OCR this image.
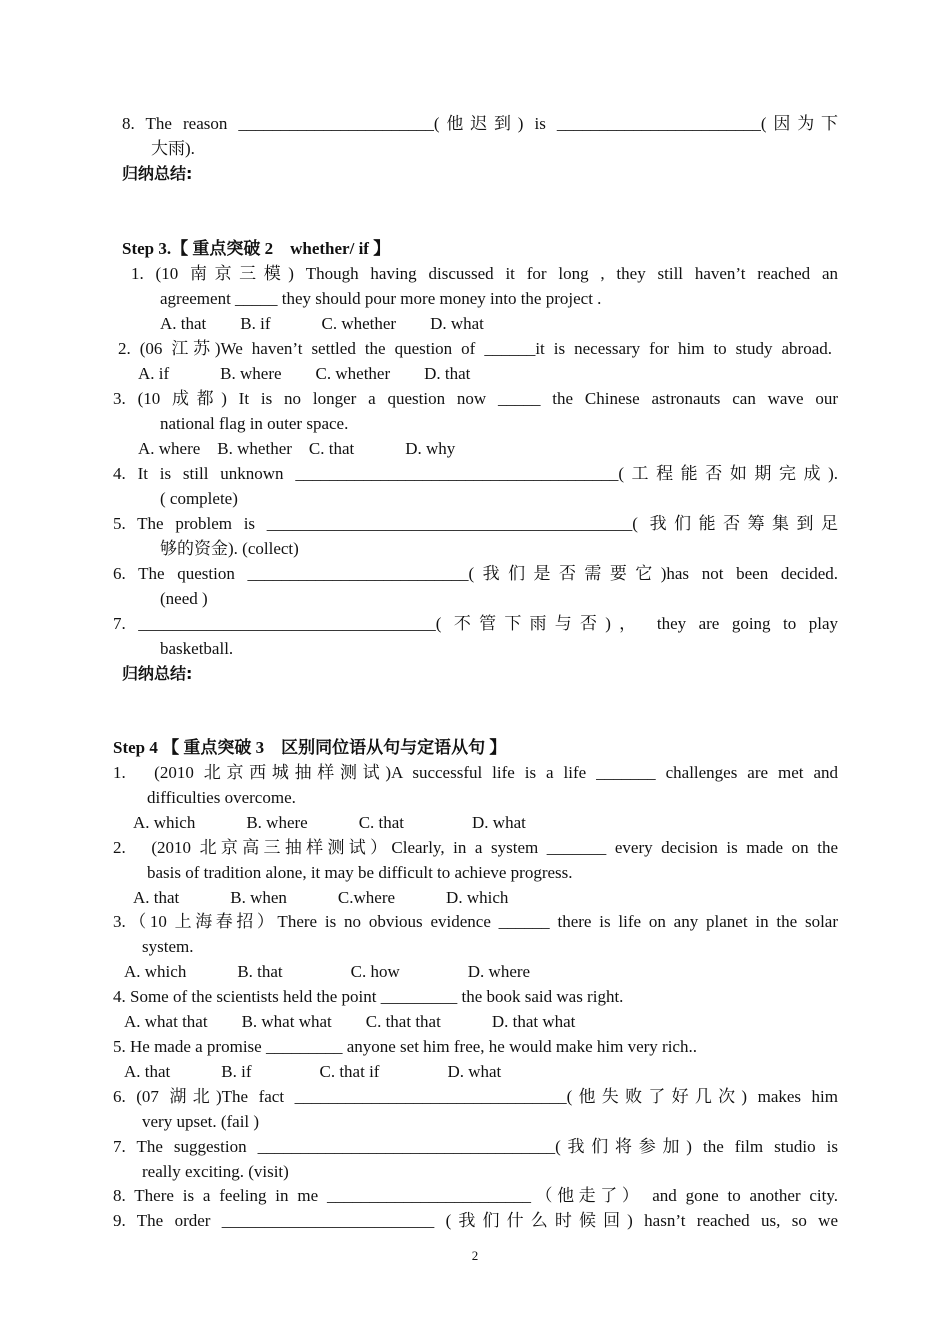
8. The reason _______________________(他迟到) is ________________________(因为下
大雨).
归纳总结:
Step 3.【 重点突破 2　whether/ if 】
1. (10 南京三模) Though having discussed it for long , they still haven’t reached an
agreement _____ they should pour more money into the project .
A. that　　B. if　　　C. whether　　D. what
2. (06 江苏)We haven’t settled the question of ______it is necessary for him to study abroad.
A. if　　　B. where　　C. whether　　D. that
3. (10 成都) It is no longer a question now _____ the Chinese astronauts can wave our
national flag in outer space.
A. where　B. whether　C. that　　　D. why
4. It is still unknown ______________________________________(工程能否如期完成).
( complete)
5. The problem is ___________________________________________( 我们能否筹集到足
够的资金). (collect)
6. The question __________________________(我们是否需要它)has not been decided.
(need )
7. ___________________________________( 不管下雨与否)， they are going to play
basketball.
归纳总结:
Step 4 【 重点突破 3　区别同位语从句与定语从句 】
1.　(2010 北京西城抽样测试)A successful life is a life _______ challenges are met and
difficulties overcome.
A. which　　　B. where　　　C. that　　　　D. what
2.　(2010 北京高三抽样测试）Clearly, in a system _______ every decision is made on the
basis of tradition alone, it may be difficult to achieve progress.
A. that　　　B. when　　　C.where　　　D. which
3.（10 上海春招）There is no obvious evidence ______ there is life on any planet in the solar
system.
A. which　　　B. that　　　　C. how　　　　D. where
4. Some of the scientists held the point _________ the book said was right.
A. what that　　B. what what　　C. that that　　　D. that what
5. He made a promise _________ anyone set him free, he would make him very rich..
A. that　　　B. if　　　　C. that if　　　　D. what
6. (07 湖北)The fact ________________________________(他失败了好几次) makes him
very upset. (fail )
7. The suggestion ___________________________________(我们将参加) the film studio is
really exciting. (visit)
8. There is a feeling in me ________________________（他走了） and gone to another city.
9. The order _________________________ (我们什么时候回) hasn’t reached us, so we
2
